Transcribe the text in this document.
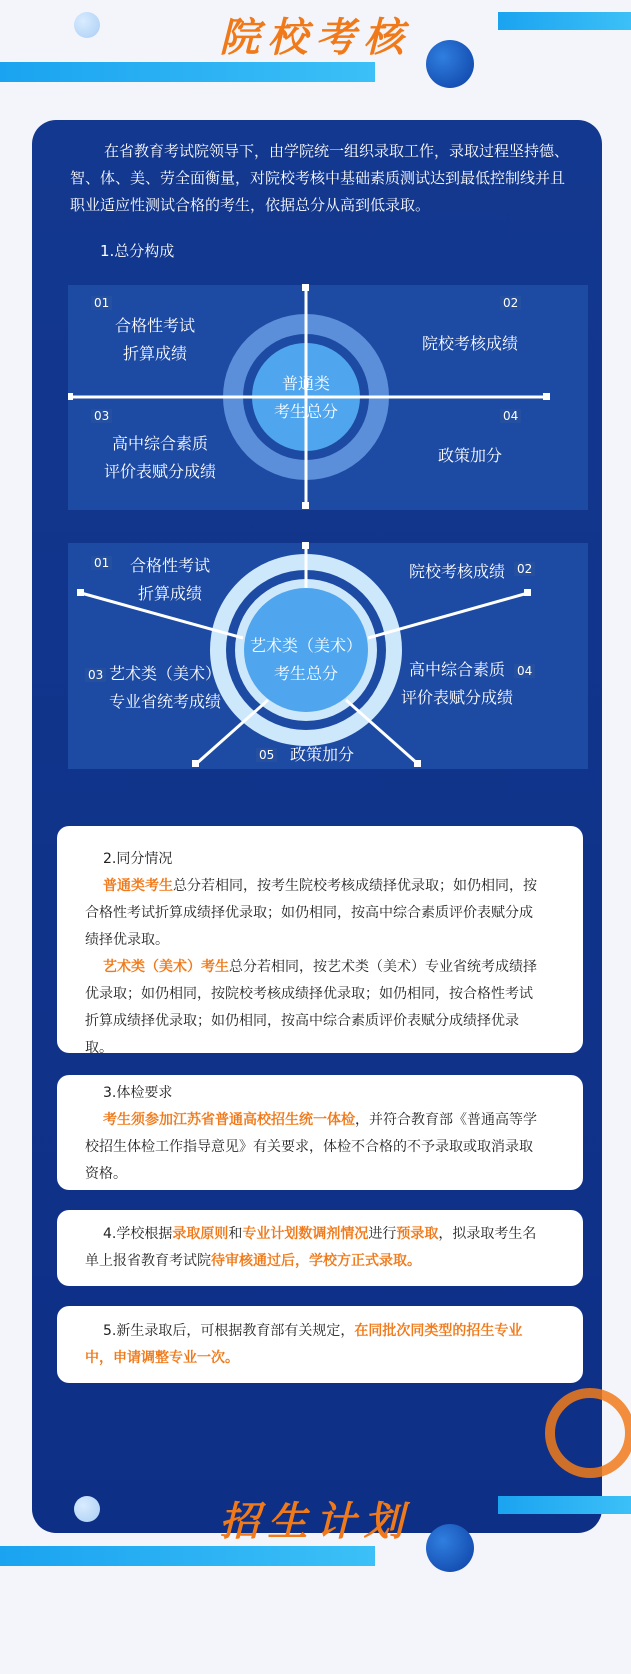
院校考核
在省教育考试院领导下，由学院统一组织录取工作，录取过程坚持德、智、体、美、劳全面衡量，对院校考核中基础素质测试达到最低控制线并且职业适应性测试合格的考生，依据总分从高到低录取。
1.总分构成
普通类
考生总分
01
合格性考试
折算成绩
02
院校考核成绩
03
高中综合素质
评价表赋分成绩
04
政策加分
艺术类（美术）
考生总分
01	合格性考试
折算成绩
02
院校考核成绩
03 艺术类（美术）
专业省统考成绩
04
高中综合素质
评价表赋分成绩
05 政策加分
2.同分情况
普通类考生总分若相同，按考生院校考核成绩择优录取；如仍相同，按合格性考试折算成绩择优录取；如仍相同，按高中综合素质评价表赋分成绩择优录取。
艺术类（美术）考生总分若相同，按艺术类（美术）专业省统考成绩择优录取；如仍相同，按院校考核成绩择优录取；如仍相同，按合格性考试折算成绩择优录取；如仍相同，按高中综合素质评价表赋分成绩择优录取。
3.体检要求
考生须参加江苏省普通高校招生统一体检，并符合教育部《普通高等学校招生体检工作指导意见》有关要求，体检不合格的不予录取或取消录取资格。
4.学校根据录取原则和专业计划数调剂情况进行预录取，拟录取考生名单上报省教育考试院待审核通过后，学校方正式录取。
5.新生录取后，可根据教育部有关规定，在同批次同类型的招生专业中，申请调整专业一次。
招生计划
